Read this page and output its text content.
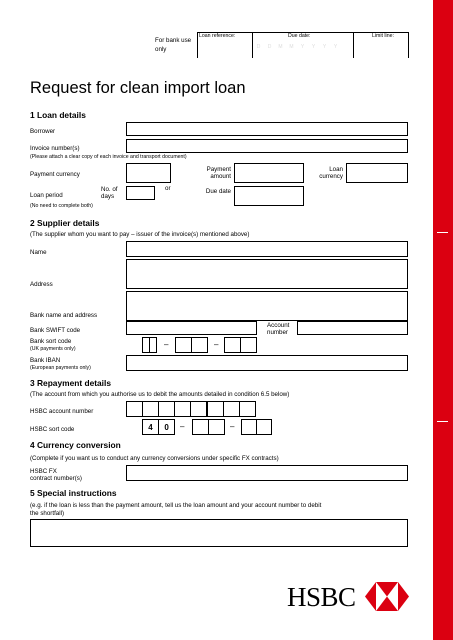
For bank use only
Loan reference:	Due date:	Limit line:
D	D	M	M	Y	Y	Y	Y
Request for clean import loan
1 Loan details
Borrower
Invoice number(s)
(Please attach a clear copy of each invoice and transport document)
Payment currency
Payment amount
Loan currency
Loan period
(No need to complete both)
No. of days
or	Due date
2 Supplier details
(The supplier whom you want to pay – issuer of the invoice(s) mentioned above)
Name
Address
Bank name and address
Bank SWIFT code
Account number
Bank sort code
(UK payments only)	–	–
Bank IBAN
(European payments only)
3 Repayment details
(The account from which you authorise us to debit the amounts detailed in condition 6.5 below)
HSBC account number
HSBC sort code	4	0	–	–
4 Currency conversion
(Complete if you want us to conduct any currency conversions under specific FX contracts)
HSBC FX
contract number(s)
5 Special instructions
(e.g. if the loan is less than the payment amount, tell us the loan amount and your account number to debit
the shortfall)
HSBC
